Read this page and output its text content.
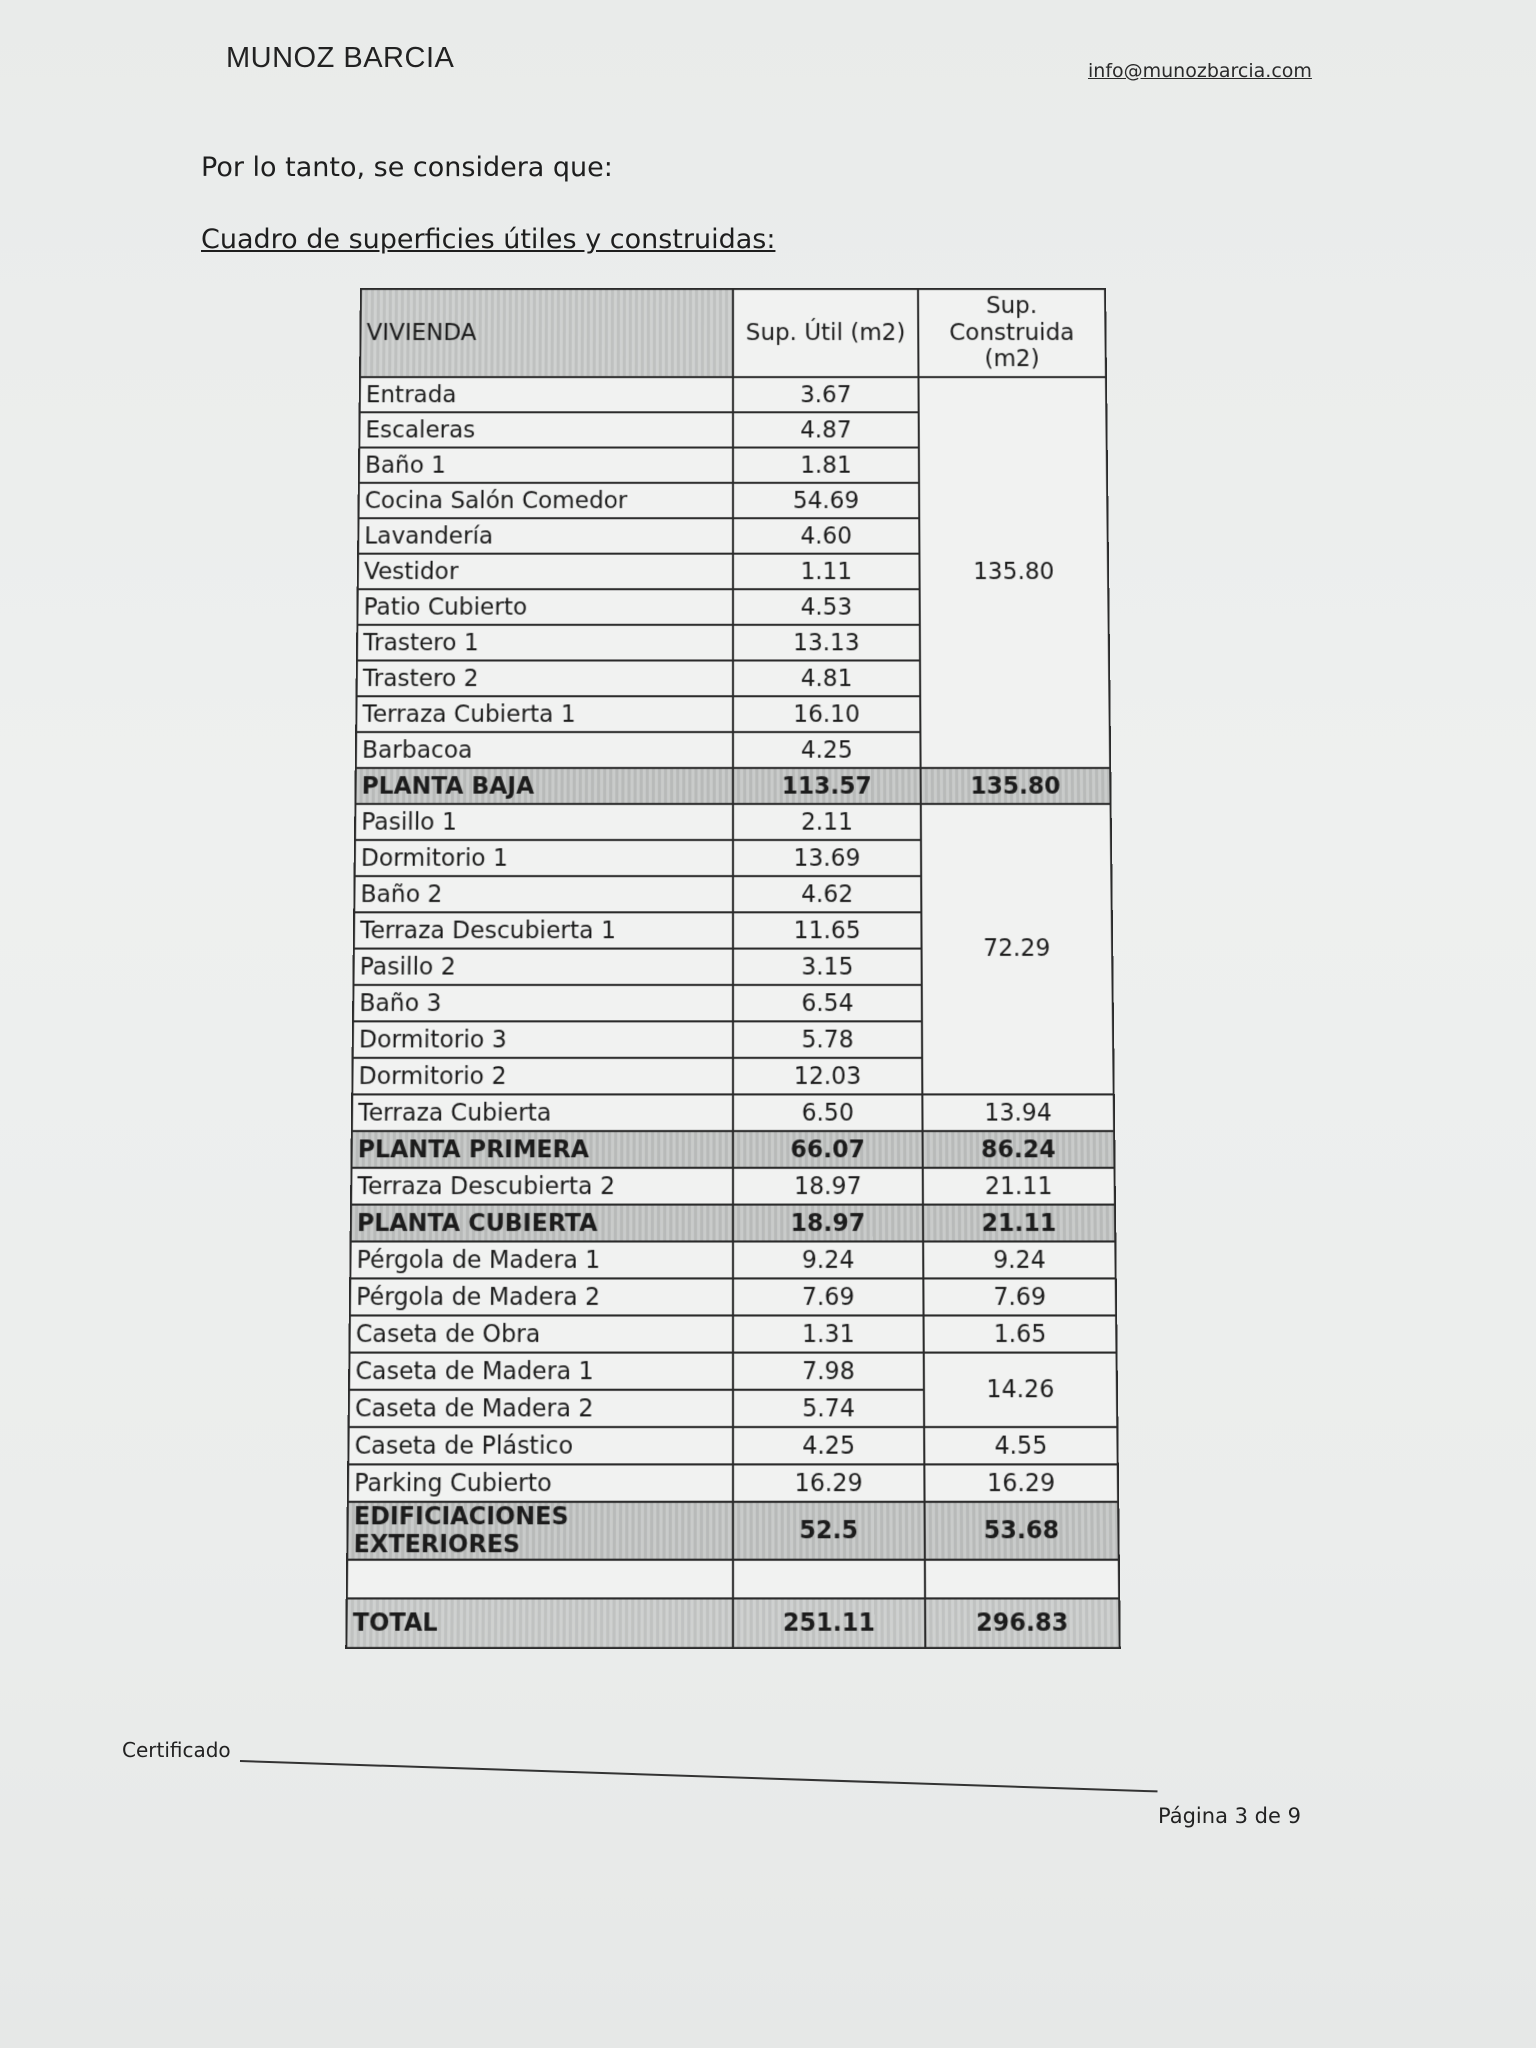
MUNOZ BARCIA	info@munozbarcia.com
Por lo tanto, se considera que:
Cuadro de superficies útiles y construidas:
VIVIENDA	Sup. Útil (m2)	Sup. Construida (m2)
Entrada	3.67	135.80
Escaleras	4.87	
Baño 1	1.81	
Cocina Salón Comedor	54.69	
Lavandería	4.60	
Vestidor	1.11	
Patio Cubierto	4.53	
Trastero 1	13.13	
Trastero 2	4.81	
Terraza Cubierta 1	16.10	
Barbacoa	4.25	
PLANTA BAJA	113.57	135.80
Pasillo 1	2.11	72.29
Dormitorio 1	13.69	
Baño 2	4.62	
Terraza Descubierta 1	11.65	
Pasillo 2	3.15	
Baño 3	6.54	
Dormitorio 3	5.78	
Dormitorio 2	12.03	
Terraza Cubierta	6.50	13.94
PLANTA PRIMERA	66.07	86.24
Terraza Descubierta 2	18.97	21.11
PLANTA CUBIERTA	18.97	21.11
Pérgola de Madera 1	9.24	9.24
Pérgola de Madera 2	7.69	7.69
Caseta de Obra	1.31	1.65
Caseta de Madera 1	7.98	14.26
Caseta de Madera 2	5.74	
Caseta de Plástico	4.25	4.55
Parking Cubierto	16.29	16.29
EDIFICIACIONES EXTERIORES	52.5	53.68

TOTAL	251.11	296.83
Certificado
Página 3 de 9
